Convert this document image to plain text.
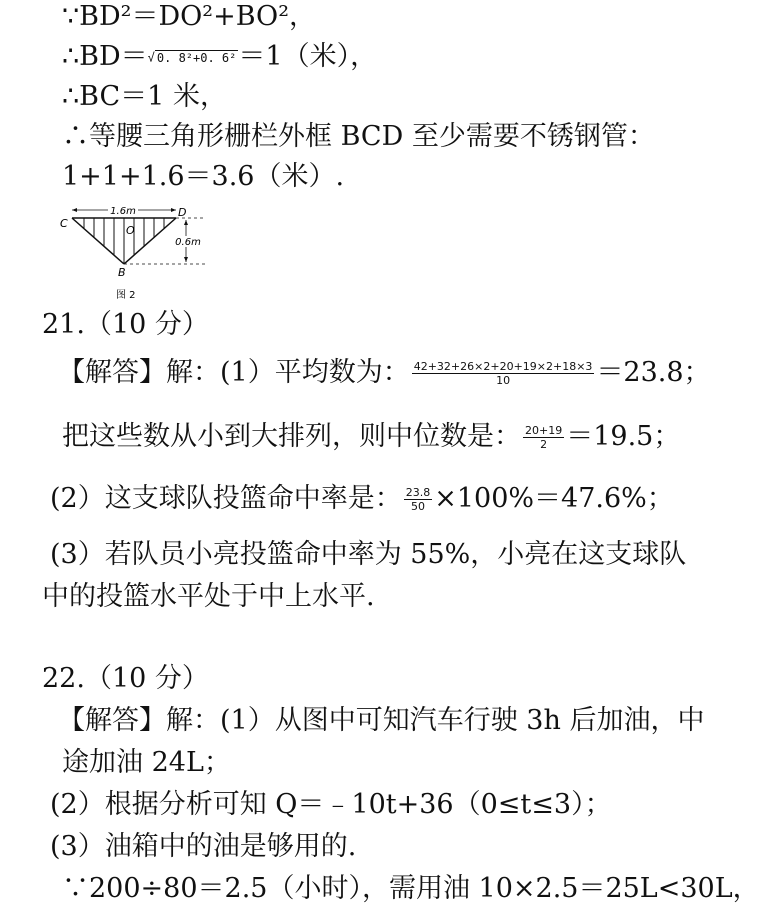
∵BD²＝DO²+BO²，
∴BD＝√ 0. 8²+0. 6²＝1（米），
∴BC＝1 米，
∴等腰三角形栅栏外框 BCD 至少需要不锈钢管：
1+1+1.6＝3.6（米）.
1.6m
0.6m
C
D
O
B
图 2
21.（10 分）
【解答】解：(1）平均数为： $\frac{42+32+26\times 2+20+19\times 2+18\times 3}{10} =23.8$；
把这些数从小到大排列，则中位数是： $\frac{20+19}{2} =19.5$；
(2）这支球队投篮命中率是： $\frac{23.8}{50} \times 100\%=47.6\%$；
(3）若队员小亮投篮命中率为 55%，小亮在这支球队
中的投篮水平处于中上水平.
22.（10 分）
【解答】解：(1）从图中可知汽车行驶 3h 后加油，中
途加油 24L；
(2）根据分析可知 Q＝﹣10t+36（0≤t≤3）；
(3）油箱中的油是够用的.
∵200÷80＝2.5（小时），需用油 10×2.5＝25L<30L，
